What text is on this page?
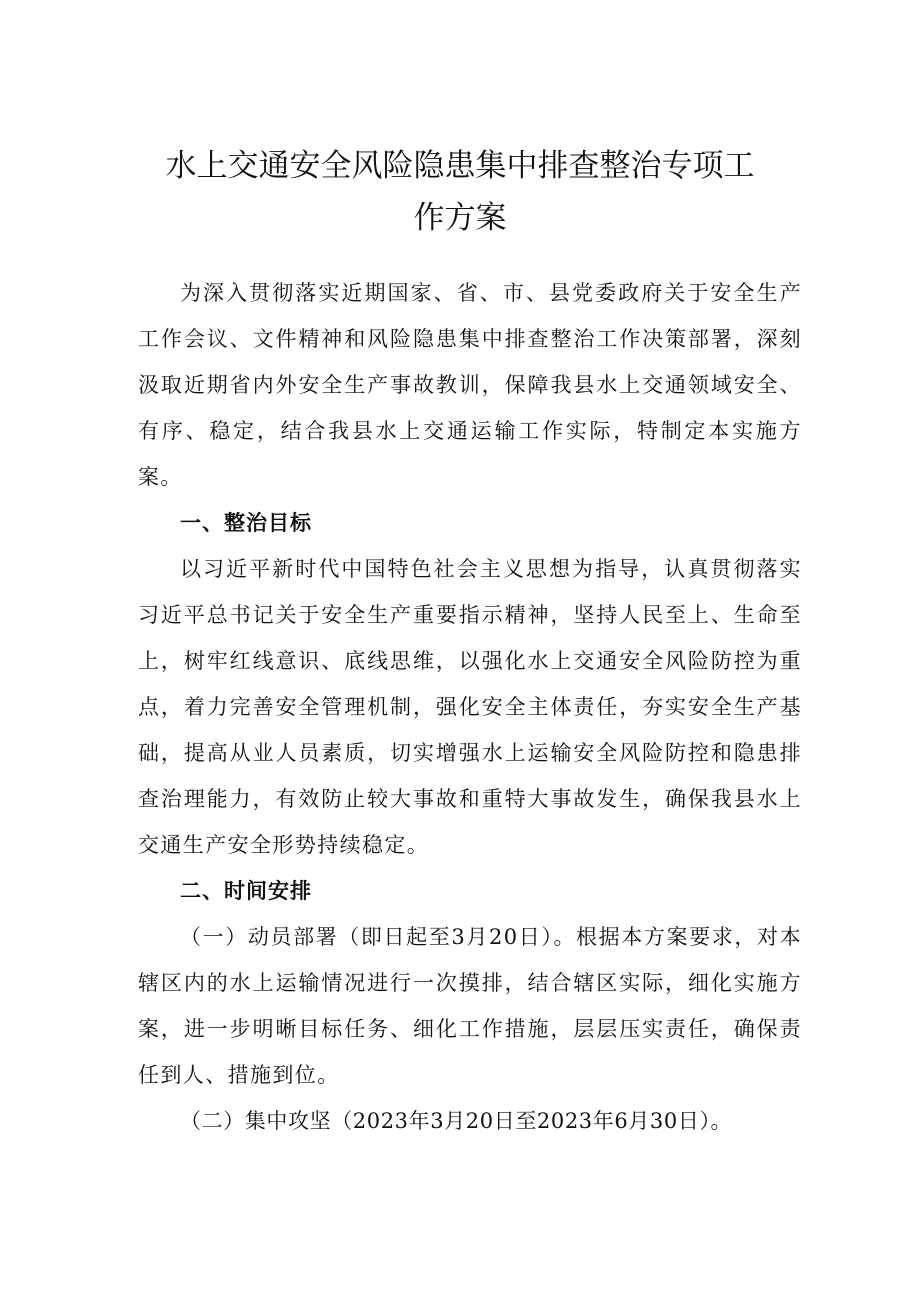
水上交通安全风险隐患集中排查整治专项工
作方案

为深入贯彻落实近期国家、省、市、县党委政府关于安全生产工作会议、文件精神和风险隐患集中排查整治工作决策部署，深刻汲取近期省内外安全生产事故教训，保障我县水上交通领域安全、有序、稳定，结合我县水上交通运输工作实际，特制定本实施方案。

一、整治目标

以习近平新时代中国特色社会主义思想为指导，认真贯彻落实习近平总书记关于安全生产重要指示精神，坚持人民至上、生命至上，树牢红线意识、底线思维，以强化水上交通安全风险防控为重点，着力完善安全管理机制，强化安全主体责任，夯实安全生产基础，提高从业人员素质，切实增强水上运输安全风险防控和隐患排查治理能力，有效防止较大事故和重特大事故发生，确保我县水上交通生产安全形势持续稳定。

二、时间安排

（一）动员部署（即日起至3月20日）。根据本方案要求，对本辖区内的水上运输情况进行一次摸排，结合辖区实际，细化实施方案，进一步明晰目标任务、细化工作措施，层层压实责任，确保责任到人、措施到位。

（二）集中攻坚（2023年3月20日至2023年6月30日）。
